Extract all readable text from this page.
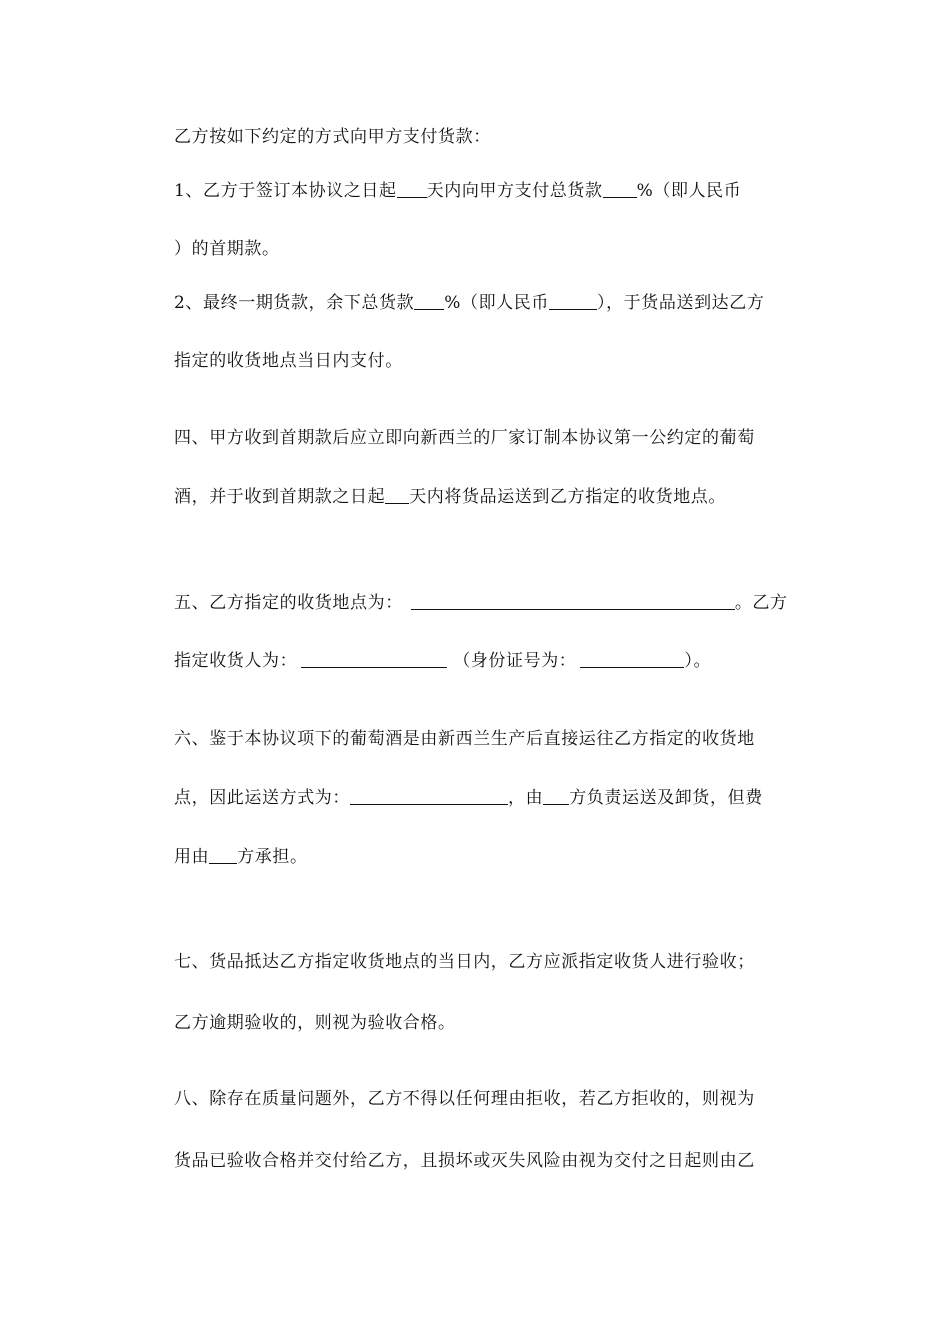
乙方按如下约定的方式向甲方支付货款：
1、乙方于签订本协议之日起 天内向甲方支付总货款 %（即人民币
）的首期款。
2、最终一期货款，余下总货款 %（即人民币	），于货品送到达乙方
指定的收货地点当日内支付。
四、甲方收到首期款后应立即向新西兰的厂家订制本协议第一公约定的葡萄
酒，并于收到首期款之日起 天内将货品运送到乙方指定的收货地点。
五、乙方指定的收货地点为：	。乙方
指定收货人为：	（身份证号为：	）。
六、鉴于本协议项下的葡萄酒是由新西兰生产后直接运往乙方指定的收货地
点，因此运送方式为：	，由 方负责运送及卸货，但费
用由 方承担。
七、货品抵达乙方指定收货地点的当日内，乙方应派指定收货人进行验收；
乙方逾期验收的，则视为验收合格。
八、除存在质量问题外，乙方不得以任何理由拒收，若乙方拒收的，则视为
货品已验收合格并交付给乙方，且损坏或灭失风险由视为交付之日起则由乙
